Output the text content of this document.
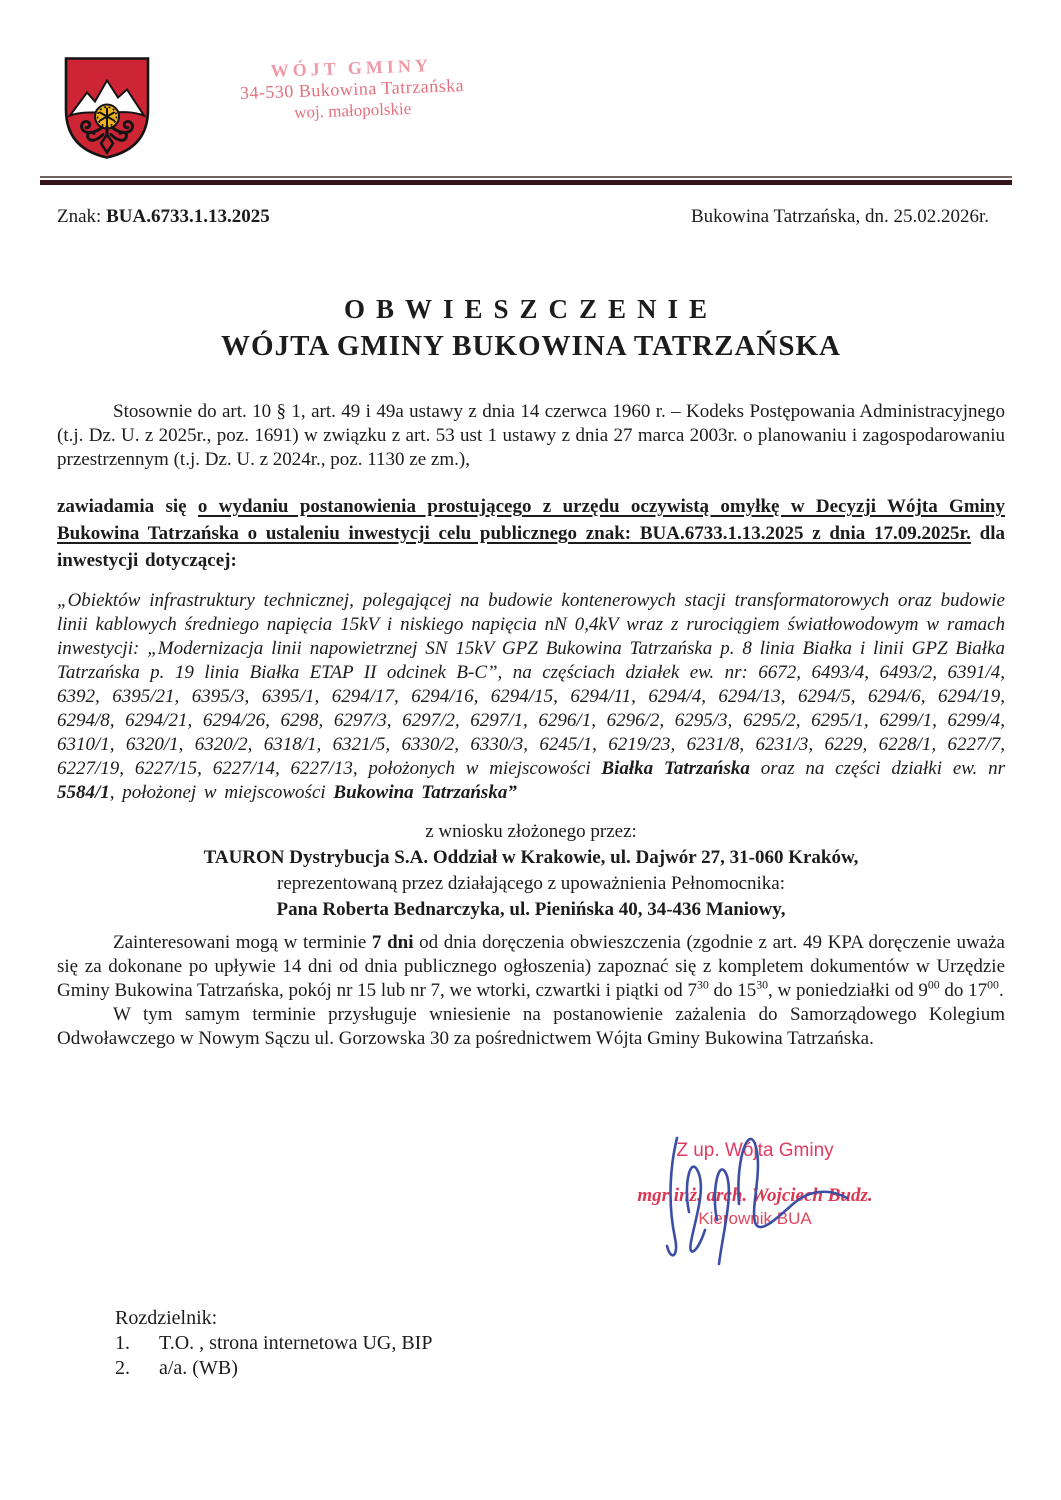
WÓJT GMINY
34-530 Bukowina Tatrzańska
woj. małopolskie
Znak: BUA.6733.1.13.2025	Bukowina Tatrzańska, dn. 25.02.2026r.
OBWIESZCZENIE
WÓJTA GMINY BUKOWINA TATRZAŃSKA

Stosownie do art. 10 § 1, art. 49 i 49a ustawy z dnia 14 czerwca 1960 r. – Kodeks Postępowania Administracyjnego (t.j. Dz. U. z 2025r., poz. 1691) w związku z art. 53 ust 1 ustawy z dnia 27 marca 2003r. o planowaniu i zagospodarowaniu przestrzennym (t.j. Dz. U. z 2024r., poz. 1130 ze zm.),

zawiadamia się o wydaniu postanowienia prostującego z urzędu oczywistą omyłkę w Decyzji Wójta Gminy Bukowina Tatrzańska o ustaleniu inwestycji celu publicznego znak: BUA.6733.1.13.2025 z dnia 17.09.2025r. dla inwestycji dotyczącej:

„Obiektów infrastruktury technicznej, polegającej na budowie kontenerowych stacji transformatorowych oraz budowie linii kablowych średniego napięcia 15kV i niskiego napięcia nN 0,4kV wraz z rurociągiem światłowodowym w ramach inwestycji: „Modernizacja linii napowietrznej SN 15kV GPZ Bukowina Tatrzańska p. 8 linia Białka i linii GPZ Białka Tatrzańska p. 19 linia Białka ETAP II odcinek B-C”, na częściach działek ew. nr: 6672, 6493/4, 6493/2, 6391/4, 6392, 6395/21, 6395/3, 6395/1, 6294/17, 6294/16, 6294/15, 6294/11, 6294/4, 6294/13, 6294/5, 6294/6, 6294/19, 6294/8, 6294/21, 6294/26, 6298, 6297/3, 6297/2, 6297/1, 6296/1, 6296/2, 6295/3, 6295/2, 6295/1, 6299/1, 6299/4, 6310/1, 6320/1, 6320/2, 6318/1, 6321/5, 6330/2, 6330/3, 6245/1, 6219/23, 6231/8, 6231/3, 6229, 6228/1, 6227/7, 6227/19, 6227/15, 6227/14, 6227/13, położonych w miejscowości Białka Tatrzańska oraz na części działki ew. nr 5584/1, położonej w miejscowości Bukowina Tatrzańska”

z wniosku złożonego przez:
TAURON Dystrybucja S.A. Oddział w Krakowie, ul. Dajwór 27, 31-060 Kraków,
reprezentowaną przez działającego z upoważnienia Pełnomocnika:
Pana Roberta Bednarczyka, ul. Pienińska 40, 34-436 Maniowy,

Zainteresowani mogą w terminie 7 dni od dnia doręczenia obwieszczenia (zgodnie z art. 49 KPA doręczenie uważa się za dokonane po upływie 14 dni od dnia publicznego ogłoszenia) zapoznać się z kompletem dokumentów w Urzędzie Gminy Bukowina Tatrzańska, pokój nr 15 lub nr 7, we wtorki, czwartki i piątki od $7^{30}$ do $15^{30}$, w poniedziałki od $9^{00}$ do $17^{00}$.

W tym samym terminie przysługuje wniesienie na postanowienie zażalenia do Samorządowego Kolegium Odwoławczego w Nowym Sączu ul. Gorzowska 30 za pośrednictwem Wójta Gminy Bukowina Tatrzańska.

Z up. Wójta Gminy
mgr inż. arch. Wojciech Budz.
Kierownik BUA
Rozdzielnik:
1.	T.O. , strona internetowa UG, BIP
2.	a/a. (WB)
